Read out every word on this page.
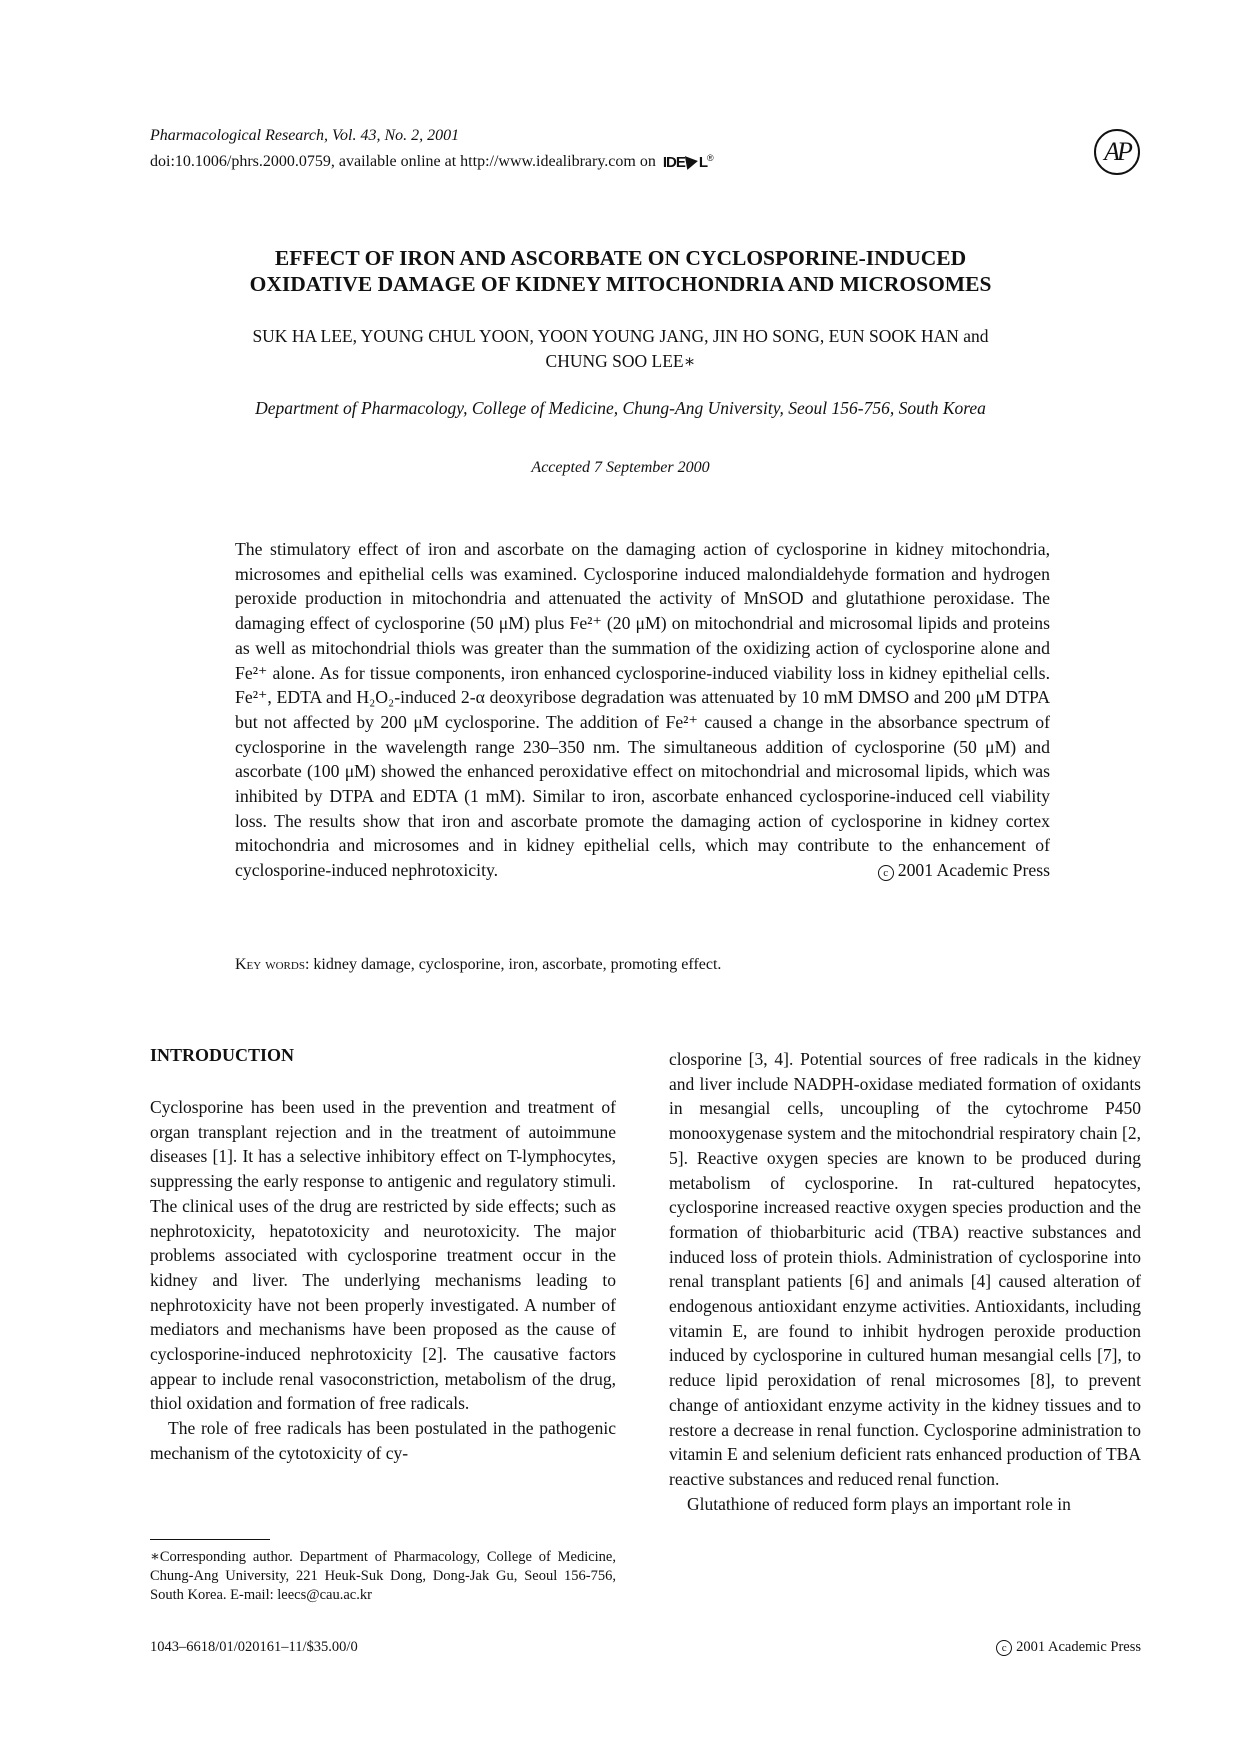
Pharmacological Research, Vol. 43, No. 2, 2001
doi:10.1006/phrs.2000.0759, available online at http://www.idealibrary.com on IDE L®	AP
EFFECT OF IRON AND ASCORBATE ON CYCLOSPORINE-INDUCED
OXIDATIVE DAMAGE OF KIDNEY MITOCHONDRIA AND MICROSOMES
SUK HA LEE, YOUNG CHUL YOON, YOON YOUNG JANG, JIN HO SONG, EUN SOOK HAN and
CHUNG SOO LEE∗
Department of Pharmacology, College of Medicine, Chung-Ang University, Seoul 156-756, South Korea
Accepted 7 September 2000
The stimulatory effect of iron and ascorbate on the damaging action of cyclosporine in kidney mitochondria, microsomes and epithelial cells was examined. Cyclosporine induced malondialdehyde formation and hydrogen peroxide production in mitochondria and attenuated the activity of MnSOD and glutathione peroxidase. The damaging effect of cyclosporine (50 μM) plus Fe²⁺ (20 μM) on mitochondrial and microsomal lipids and proteins as well as mitochondrial thiols was greater than the summation of the oxidizing action of cyclosporine alone and Fe²⁺ alone. As for tissue components, iron enhanced cyclosporine-induced viability loss in kidney epithelial cells. Fe²⁺, EDTA and H₂O₂-induced 2-α deoxyribose degradation was attenuated by 10 mM DMSO and 200 μM DTPA but not affected by 200 μM cyclosporine. The addition of Fe²⁺ caused a change in the absorbance spectrum of cyclosporine in the wavelength range 230–350 nm. The simultaneous addition of cyclosporine (50 μM) and ascorbate (100 μM) showed the enhanced peroxidative effect on mitochondrial and microsomal lipids, which was inhibited by DTPA and EDTA (1 mM). Similar to iron, ascorbate enhanced cyclosporine-induced cell viability loss. The results show that iron and ascorbate promote the damaging action of cyclosporine in kidney cortex mitochondria and microsomes and in kidney epithelial cells, which may contribute to the enhancement of cyclosporine-induced nephrotoxicity.	c 2001 Academic Press
Key words: kidney damage, cyclosporine, iron, ascorbate, promoting effect.
INTRODUCTION

Cyclosporine has been used in the prevention and treatment of organ transplant rejection and in the treatment of autoimmune diseases [1]. It has a selective inhibitory effect on T-lymphocytes, suppressing the early response to antigenic and regulatory stimuli. The clinical uses of the drug are restricted by side effects; such as nephrotoxicity, hepatotoxicity and neurotoxicity. The major problems associated with cyclosporine treatment occur in the kidney and liver. The underlying mechanisms leading to nephrotoxicity have not been properly investigated. A number of mediators and mechanisms have been proposed as the cause of cyclosporine-induced nephrotoxicity [2]. The causative factors appear to include renal vasoconstriction, metabolism of the drug, thiol oxidation and formation of free radicals.

The role of free radicals has been postulated in the pathogenic mechanism of the cytotoxicity of cy-

closporine [3, 4]. Potential sources of free radicals in the kidney and liver include NADPH-oxidase mediated formation of oxidants in mesangial cells, uncoupling of the cytochrome P450 monooxygenase system and the mitochondrial respiratory chain [2, 5]. Reactive oxygen species are known to be produced during metabolism of cyclosporine. In rat-cultured hepatocytes, cyclosporine increased reactive oxygen species production and the formation of thiobarbituric acid (TBA) reactive substances and induced loss of protein thiols. Administration of cyclosporine into renal transplant patients [6] and animals [4] caused alteration of endogenous antioxidant enzyme activities. Antioxidants, including vitamin E, are found to inhibit hydrogen peroxide production induced by cyclosporine in cultured human mesangial cells [7], to reduce lipid peroxidation of renal microsomes [8], to prevent change of antioxidant enzyme activity in the kidney tissues and to restore a decrease in renal function. Cyclosporine administration to vitamin E and selenium deficient rats enhanced production of TBA reactive substances and reduced renal function.

Glutathione of reduced form plays an important role in

∗Corresponding author. Department of Pharmacology, College of Medicine, Chung-Ang University, 221 Heuk-Suk Dong, Dong-Jak Gu, Seoul 156-756, South Korea. E-mail: leecs@cau.ac.kr
1043–6618/01/020161–11/$35.00/0	c 2001 Academic Press
